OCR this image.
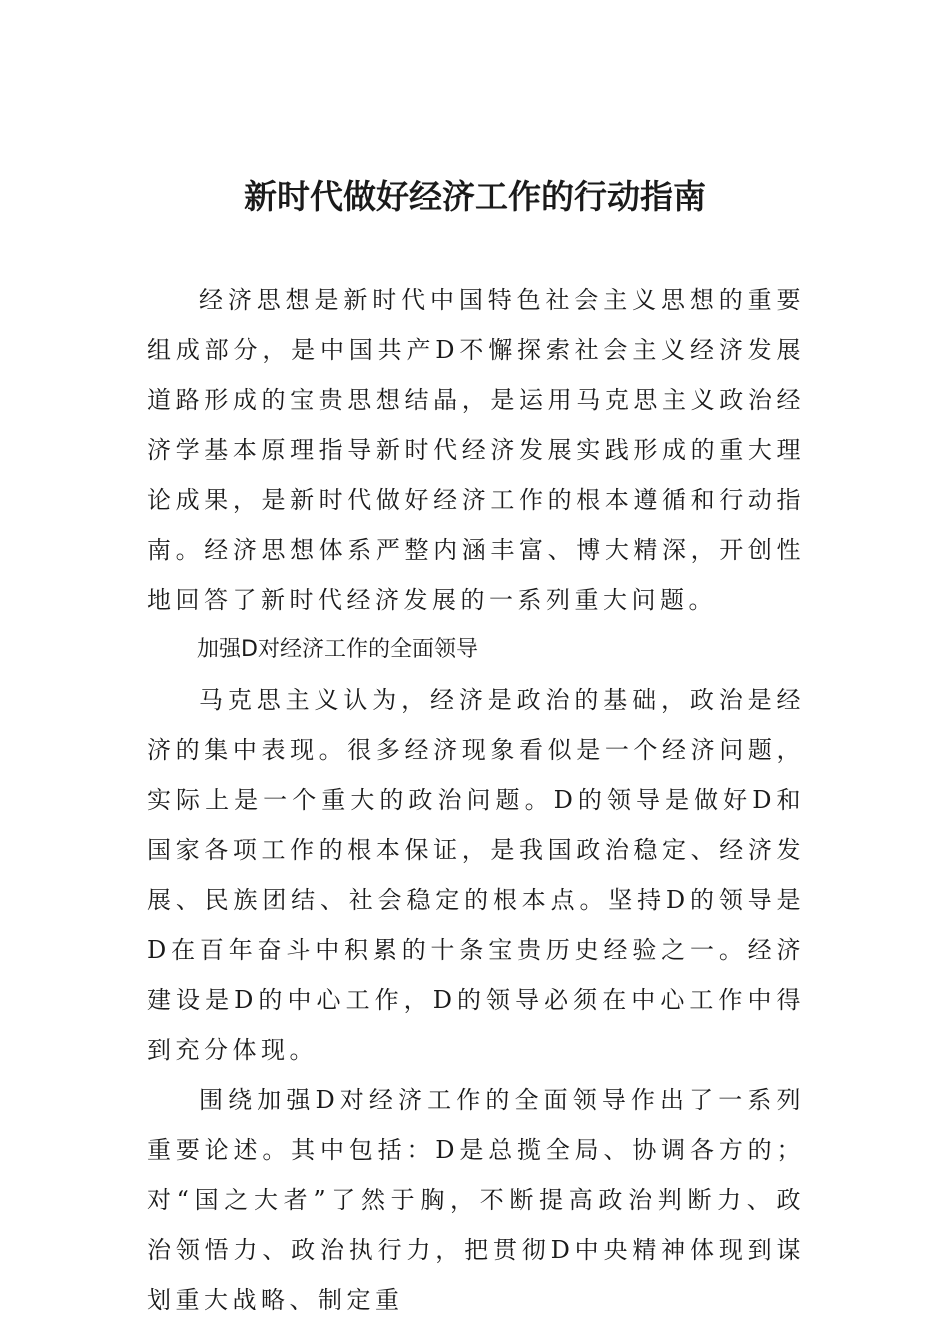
新时代做好经济工作的行动指南

经济思想是新时代中国特色社会主义思想的重要组成部分，是中国共产D不懈探索社会主义经济发展道路形成的宝贵思想结晶，是运用马克思主义政治经济学基本原理指导新时代经济发展实践形成的重大理论成果，是新时代做好经济工作的根本遵循和行动指南。经济思想体系严整内涵丰富、博大精深，开创性地回答了新时代经济发展的一系列重大问题。

加强D对经济工作的全面领导

马克思主义认为，经济是政治的基础，政治是经济的集中表现。很多经济现象看似是一个经济问题，实际上是一个重大的政治问题。D的领导是做好D和国家各项工作的根本保证，是我国政治稳定、经济发展、民族团结、社会稳定的根本点。坚持D的领导是D在百年奋斗中积累的十条宝贵历史经验之一。经济建设是D的中心工作，D的领导必须在中心工作中得到充分体现。

围绕加强D对经济工作的全面领导作出了一系列重要论述。其中包括：D是总揽全局、协调各方的；对“国之大者”了然于胸，不断提高政治判断力、政治领悟力、政治执行力，把贯彻D中央精神体现到谋划重大战略、制定重
